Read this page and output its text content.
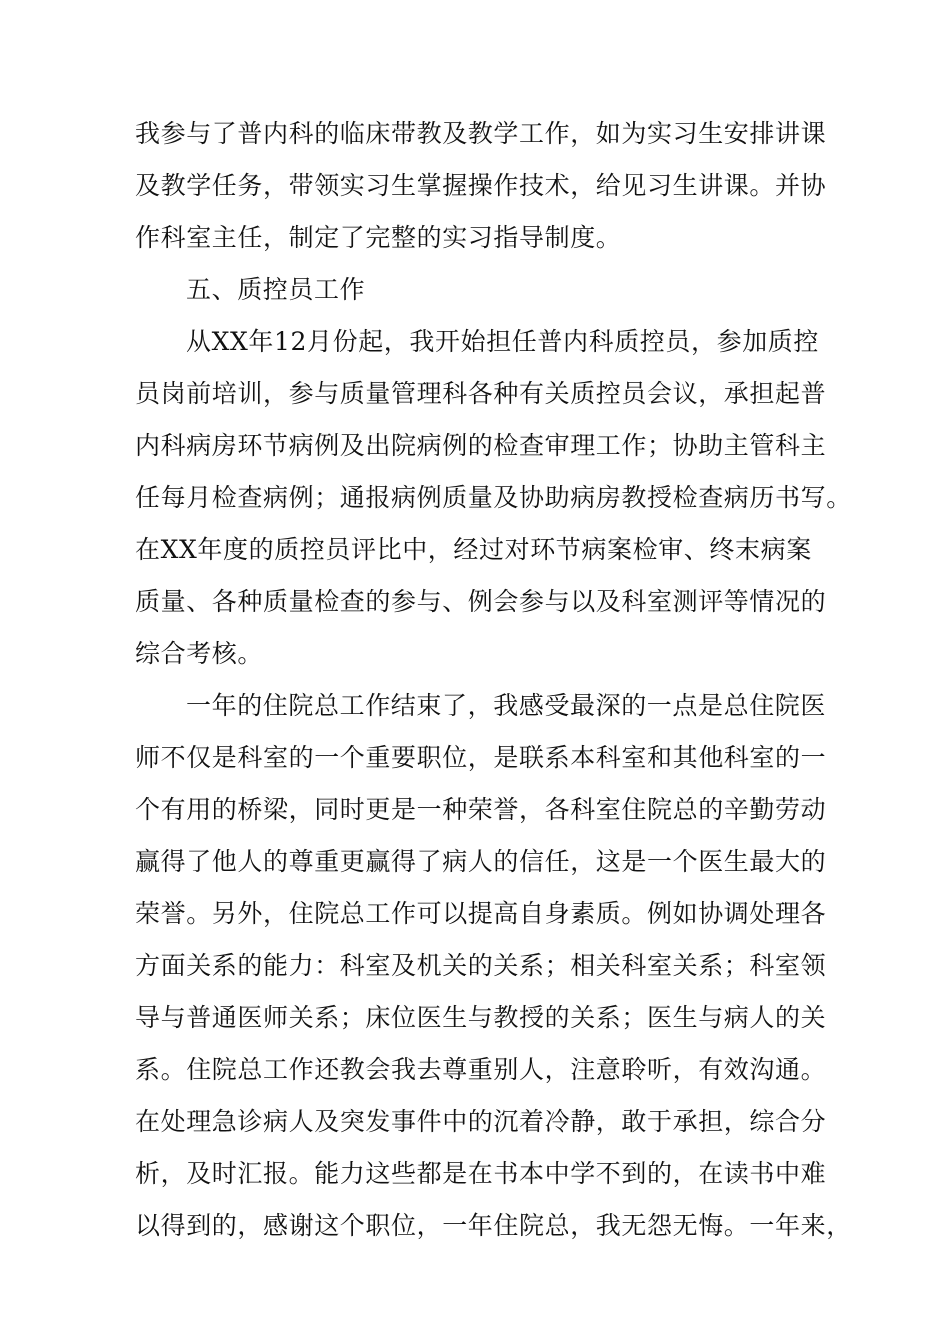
我参与了普内科的临床带教及教学工作，如为实习生安排讲课
及教学任务，带领实习生掌握操作技术，给见习生讲课。并协
作科室主任，制定了完整的实习指导制度。
五、质控员工作
从XX年12月份起，我开始担任普内科质控员，参加质控
员岗前培训，参与质量管理科各种有关质控员会议，承担起普
内科病房环节病例及出院病例的检查审理工作；协助主管科主
任每月检查病例；通报病例质量及协助病房教授检查病历书写。
在XX年度的质控员评比中，经过对环节病案检审、终末病案
质量、各种质量检查的参与、例会参与以及科室测评等情况的
综合考核。
一年的住院总工作结束了，我感受最深的一点是总住院医
师不仅是科室的一个重要职位，是联系本科室和其他科室的一
个有用的桥梁，同时更是一种荣誉，各科室住院总的辛勤劳动
赢得了他人的尊重更赢得了病人的信任，这是一个医生最大的
荣誉。另外，住院总工作可以提高自身素质。例如协调处理各
方面关系的能力：科室及机关的关系；相关科室关系；科室领
导与普通医师关系；床位医生与教授的关系；医生与病人的关
系。住院总工作还教会我去尊重别人，注意聆听，有效沟通。
在处理急诊病人及突发事件中的沉着冷静，敢于承担，综合分
析，及时汇报。能力这些都是在书本中学不到的，在读书中难
以得到的，感谢这个职位，一年住院总，我无怨无悔。一年来，
